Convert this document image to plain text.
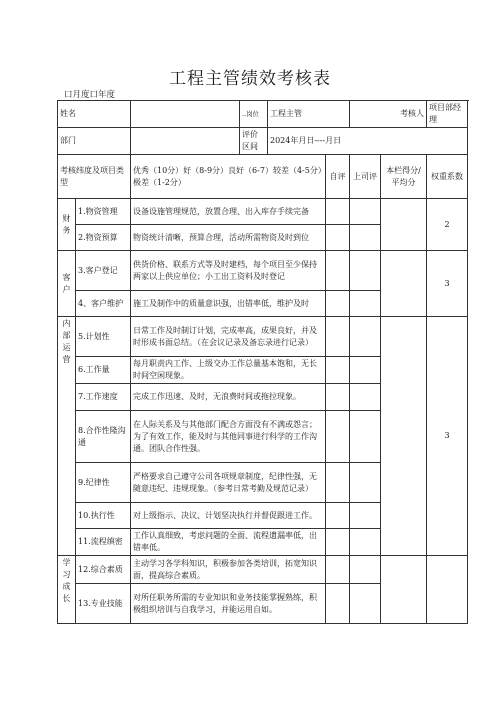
工程主管绩效考核表
口月度口年度
姓名			..岗位	工程主管		考核人		项目部经理
部门			评价区间	2024年月日----月日				
考核纬度及项目类型		优秀（10分）好（8-9分）良好（6-7）较差（4-5分）极差（1-2分）			自评	上司评	本栏得分/平均分	权重系数
财务	1.物资管理	设备设施管理规范，放置合理、出入库存手续完备						2
	2.物资预算	物资统计清晰，预算合理，活动所需物资及时到位						
客户	3.客户登记	供货价格、联系方式等及时建档，每个项目至少保持两家以上供应单位；小工出工资料及时登记						3
	4、客户维护	施工及制作中的质量意识强，出错率低，维护及时						
内部运营	5.计划性	日常工作及时制订计划，完成率高，成果良好，并及时形成书面总结。（在会议记录及备忘录进行记录）						3
	6.工作量	每月职责内工作、上级交办工作总量基本饱和，无长时间空闲现象。						
	7.工作速度	完成工作迅速、及时，无浪费时间或拖拉现象。						
	8.合作性隆沟通	在人际关系及与其他部门配合方面没有不满或怨言；为了有效工作，能及时与其他同事进行科学的工作沟通。团队合作性强。						
	9.纪律性	严格要求自己遵守公司各项规章制度，纪律性强，无随意违纪、违规现象。（参考日常考勤及规范记录）						
	10.执行性	对上级指示、决议、计划坚决执行并督促跟进工作。						
	11.流程缜密	工作认真细致，考虑问题的全面、流程遗漏率低，出错率低。						
学习成长	12.综合素质	主动学习各学科知识，积极参加各类培训，拓宽知识面，提高综合素质。						
	13.专业技能	对所任职务所需的专业知识和业务技能掌握熟练，积极组织培训与自我学习，并能运用自如。						
